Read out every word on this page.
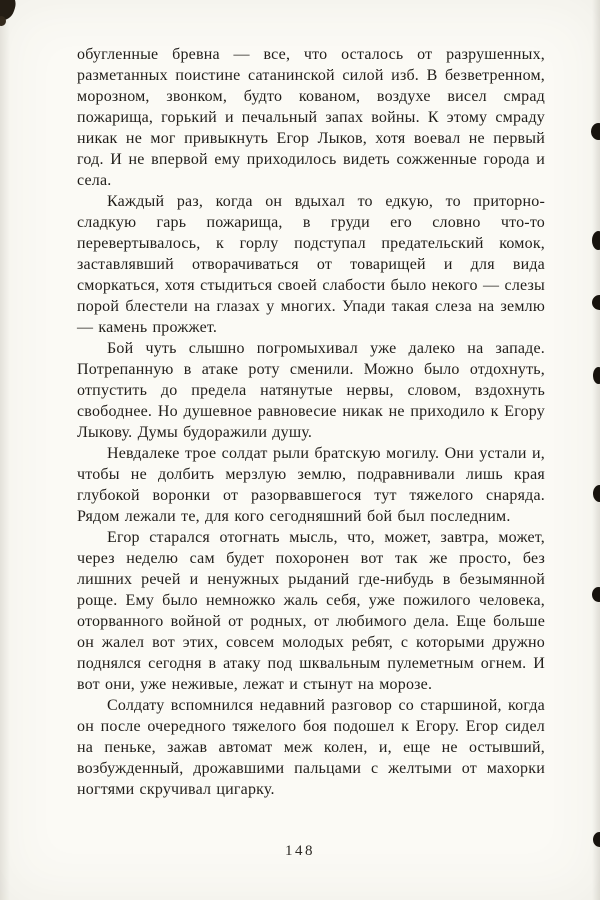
обугленные бревна — все, что осталось от разрушенных, разметанных поистине сатанинской силой изб. В безветренном, морозном, звонком, будто кованом, воздухе висел смрад пожарища, горький и печальный запах войны. К этому смраду никак не мог привыкнуть Егор Лыков, хотя воевал не первый год. И не впервой ему приходилось видеть сожженные города и села.

Каждый раз, когда он вдыхал то едкую, то приторно-сладкую гарь пожарища, в груди его словно что-то перевертывалось, к горлу подступал предательский комок, заставлявший отворачиваться от товарищей и для вида сморкаться, хотя стыдиться своей слабости было некого — слезы порой блестели на глазах у многих. Упади такая слеза на землю — камень прожжет.

Бой чуть слышно погромыхивал уже далеко на западе. Потрепанную в атаке роту сменили. Можно было отдохнуть, отпустить до предела натянутые нервы, словом, вздохнуть свободнее. Но душевное равновесие никак не приходило к Егору Лыкову. Думы будоражили душу.

Невдалеке трое солдат рыли братскую могилу. Они устали и, чтобы не долбить мерзлую землю, подравнивали лишь края глубокой воронки от разорвавшегося тут тяжелого снаряда. Рядом лежали те, для кого сегодняшний бой был последним.

Егор старался отогнать мысль, что, может, завтра, может, через неделю сам будет похоронен вот так же просто, без лишних речей и ненужных рыданий где-нибудь в безымянной роще. Ему было немножко жаль себя, уже пожилого человека, оторванного войной от родных, от любимого дела. Еще больше он жалел вот этих, совсем молодых ребят, с которыми дружно поднялся сегодня в атаку под шквальным пулеметным огнем. И вот они, уже неживые, лежат и стынут на морозе.

Солдату вспомнился недавний разговор со старшиной, когда он после очередного тяжелого боя подошел к Егору. Егор сидел на пеньке, зажав автомат меж колен, и, еще не остывший, возбужденный, дрожавшими пальцами с желтыми от махорки ногтями скручивал цигарку.

148
